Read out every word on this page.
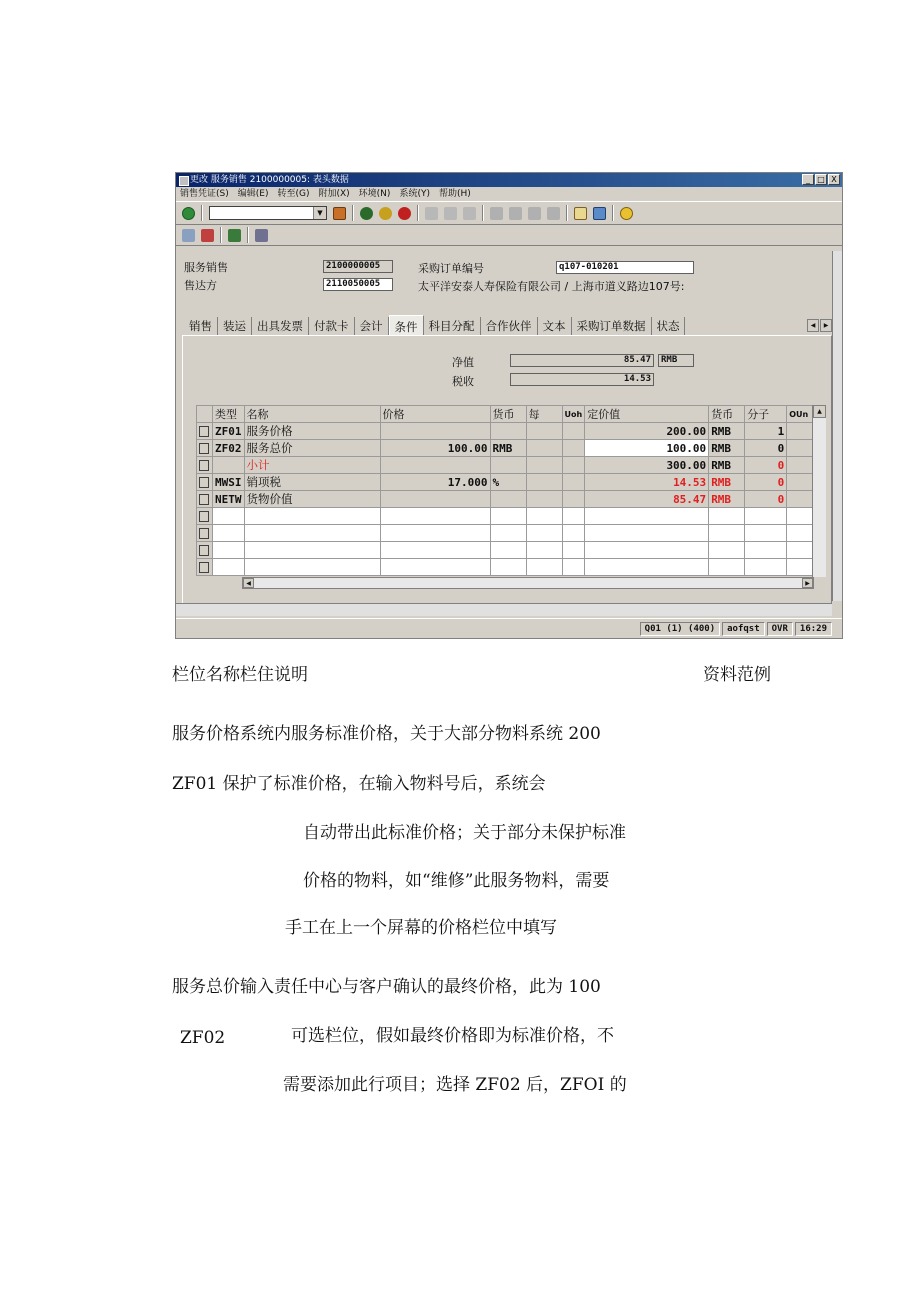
更改 服务销售 2100000005: 表头数据	_ □ X
销售凭证(S) 编辑(E) 转至(G) 附加(X) 环境(N) 系统(Y) 帮助(H)
▼
服务销售	2100000005	采购订单编号	q107-010201
售达方	2110050005	太平洋安泰人寿保险有限公司 / 上海市道义路边107号:
销售 装运 出具发票 付款卡 会计	条件 科目分配 合作伙伴 文本 采购订单数据 状态	◀	▶
净值	85.47	RMB
税收	14.53
	类型	名称	价格	货币	每	Uoh	定价值	货币	分子	OUn

	ZF01	服务价格					200.00	RMB	1	

	ZF02	服务总价	100.00	RMB			100.00	RMB	0	

		小计					300.00	RMB	0	

	MWSI	销项税	17.000	%			14.53	RMB	0	

	NETW	货物价值					85.47	RMB	0	

▲
◀	▶
Q01 (1) (400)	aofqst	OVR	16:29
栏位名称栏住说明	资料范例
服务价格系统内服务标准价格，关于大部分物料系统 200
ZF01 保护了标准价格，在输入物料号后，系统会
自动带出此标准价格；关于部分未保护标准
价格的物料，如“维修”此服务物料，需要
手工在上一个屏幕的价格栏位中填写
服务总价输入责任中心与客户确认的最终价格，此为 100
ZF02	可选栏位，假如最终价格即为标准价格，不
需要添加此行项目；选择 ZF02 后，ZFOI 的
